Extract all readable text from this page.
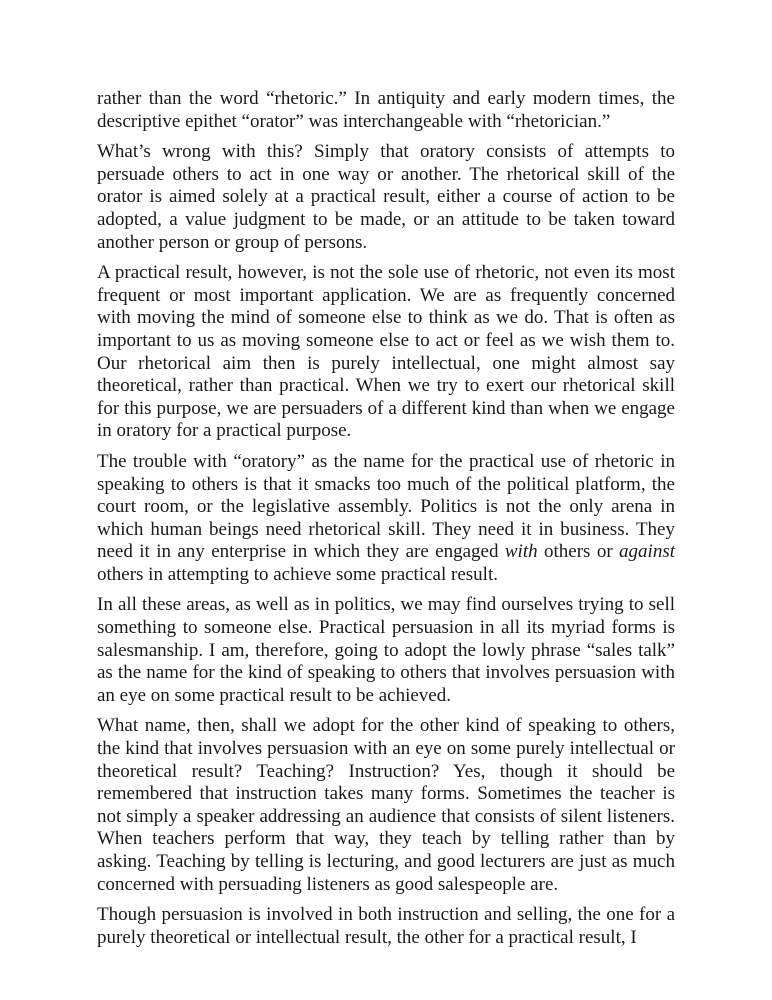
rather than the word “rhetoric.” In antiquity and early modern times, the descriptive epithet “orator” was interchangeable with “rhetorician.”

What’s wrong with this? Simply that oratory consists of attempts to persuade others to act in one way or another. The rhetorical skill of the orator is aimed solely at a practical result, either a course of action to be adopted, a value judgment to be made, or an attitude to be taken toward another person or group of persons.

A practical result, however, is not the sole use of rhetoric, not even its most frequent or most important application. We are as frequently concerned with moving the mind of someone else to think as we do. That is often as important to us as moving someone else to act or feel as we wish them to. Our rhetorical aim then is purely intellectual, one might almost say theoretical, rather than practical. When we try to exert our rhetorical skill for this purpose, we are persuaders of a different kind than when we engage in oratory for a practical purpose.

The trouble with “oratory” as the name for the practical use of rhetoric in speaking to others is that it smacks too much of the political platform, the court room, or the legislative assembly. Politics is not the only arena in which human beings need rhetorical skill. They need it in business. They need it in any enterprise in which they are engaged with others or against others in attempting to achieve some practical result.

In all these areas, as well as in politics, we may find ourselves trying to sell something to someone else. Practical persuasion in all its myriad forms is salesmanship. I am, therefore, going to adopt the lowly phrase “sales talk” as the name for the kind of speaking to others that involves persuasion with an eye on some practical result to be achieved.

What name, then, shall we adopt for the other kind of speaking to others, the kind that involves persuasion with an eye on some purely intellectual or theoretical result? Teaching? Instruction? Yes, though it should be remembered that instruction takes many forms. Sometimes the teacher is not simply a speaker addressing an audience that consists of silent listeners. When teachers perform that way, they teach by telling rather than by asking. Teaching by telling is lecturing, and good lecturers are just as much concerned with persuading listeners as good salespeople are.

Though persuasion is involved in both instruction and selling, the one for a purely theoretical or intellectual result, the other for a practical result, I
